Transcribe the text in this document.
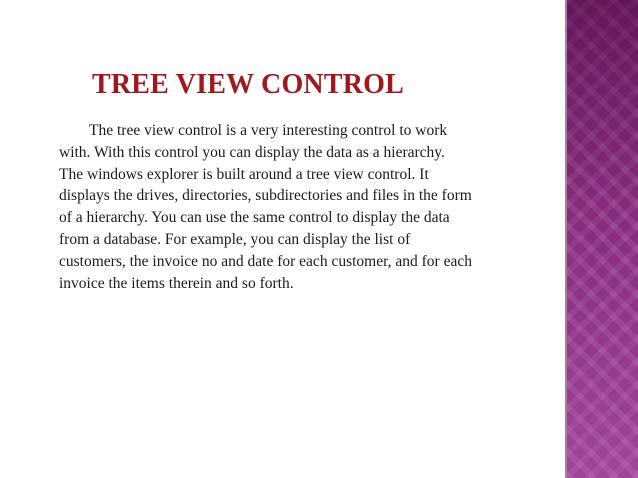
TREE VIEW CONTROL
The tree view control is a very interesting control to work
with. With this control you can display the data as a hierarchy.
The windows explorer is built around a tree view control. It
displays the drives, directories, subdirectories and files in the form
of a hierarchy. You can use the same control to display the data
from a database. For example, you can display the list of
customers, the invoice no and date for each customer, and for each
invoice the items therein and so forth.
